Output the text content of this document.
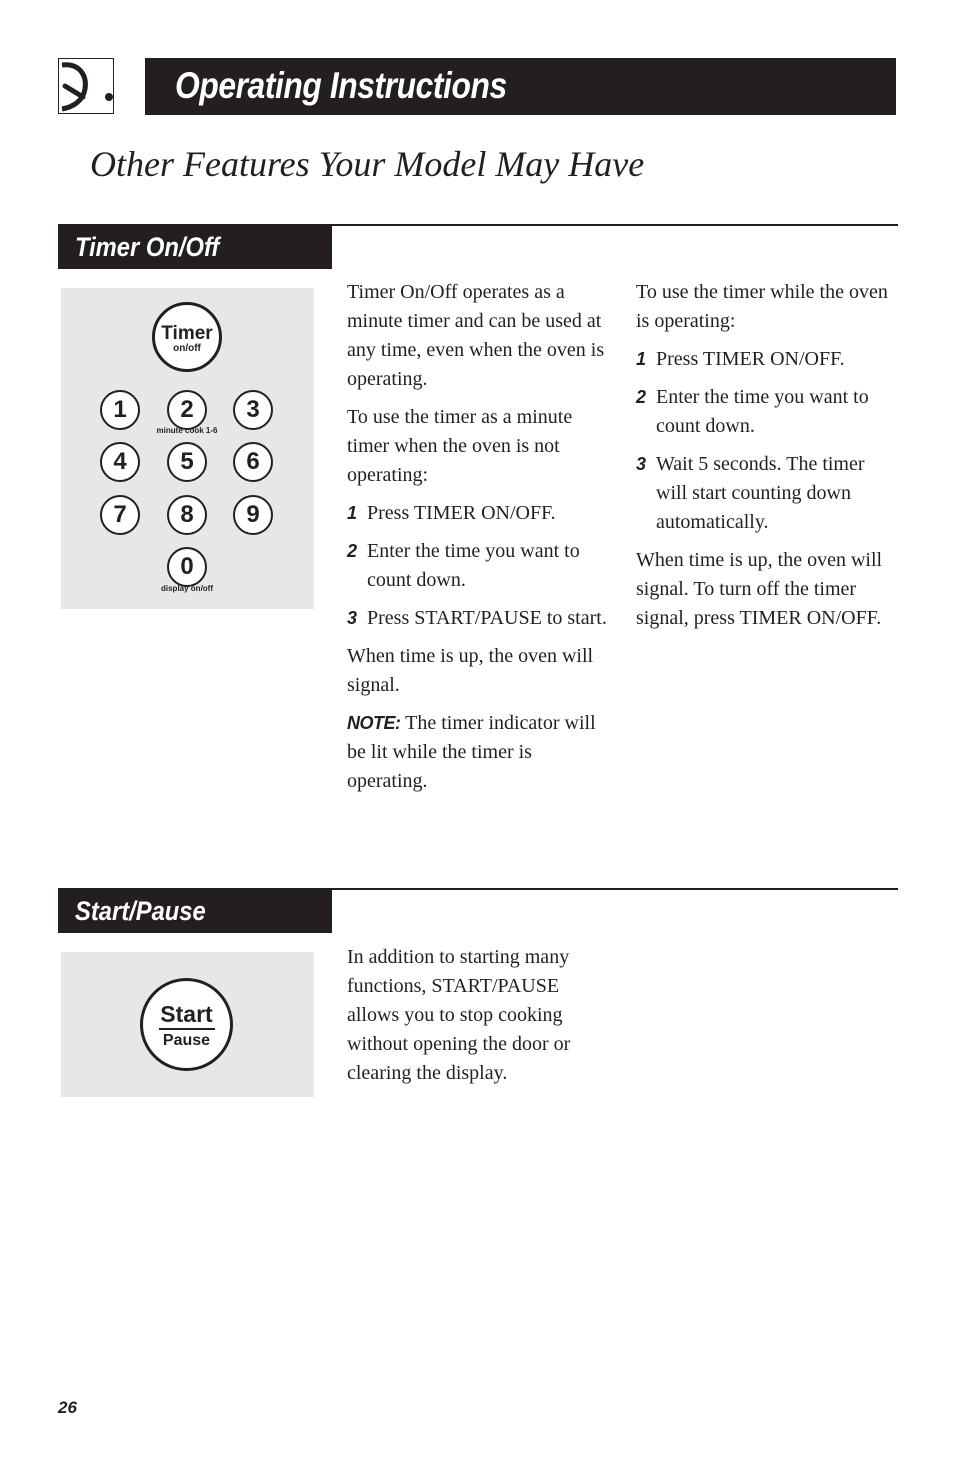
Operating Instructions
Other Features Your Model May Have
Timer On/Off
Timer
on/off
1	2	3
minute cook 1-6
4	5	6
7	8	9
0
display on/off

Timer On/Off operates as a minute timer and can be used at any time, even when the oven is operating.

To use the timer as a minute timer when the oven is not operating:

1 Press TIMER ON/OFF.
2 Enter the time you want to count down.
3 Press START/PAUSE to start.

When time is up, the oven will signal.

NOTE: The timer indicator will be lit while the timer is operating.

To use the timer while the oven is operating:

1 Press TIMER ON/OFF.
2 Enter the time you want to count down.
3 Wait 5 seconds. The timer will start counting down automatically.

When time is up, the oven will signal. To turn off the timer signal, press TIMER ON/OFF.

Start/Pause
Start
Pause

In addition to starting many functions, START/PAUSE allows you to stop cooking without opening the door or clearing the display.

26
